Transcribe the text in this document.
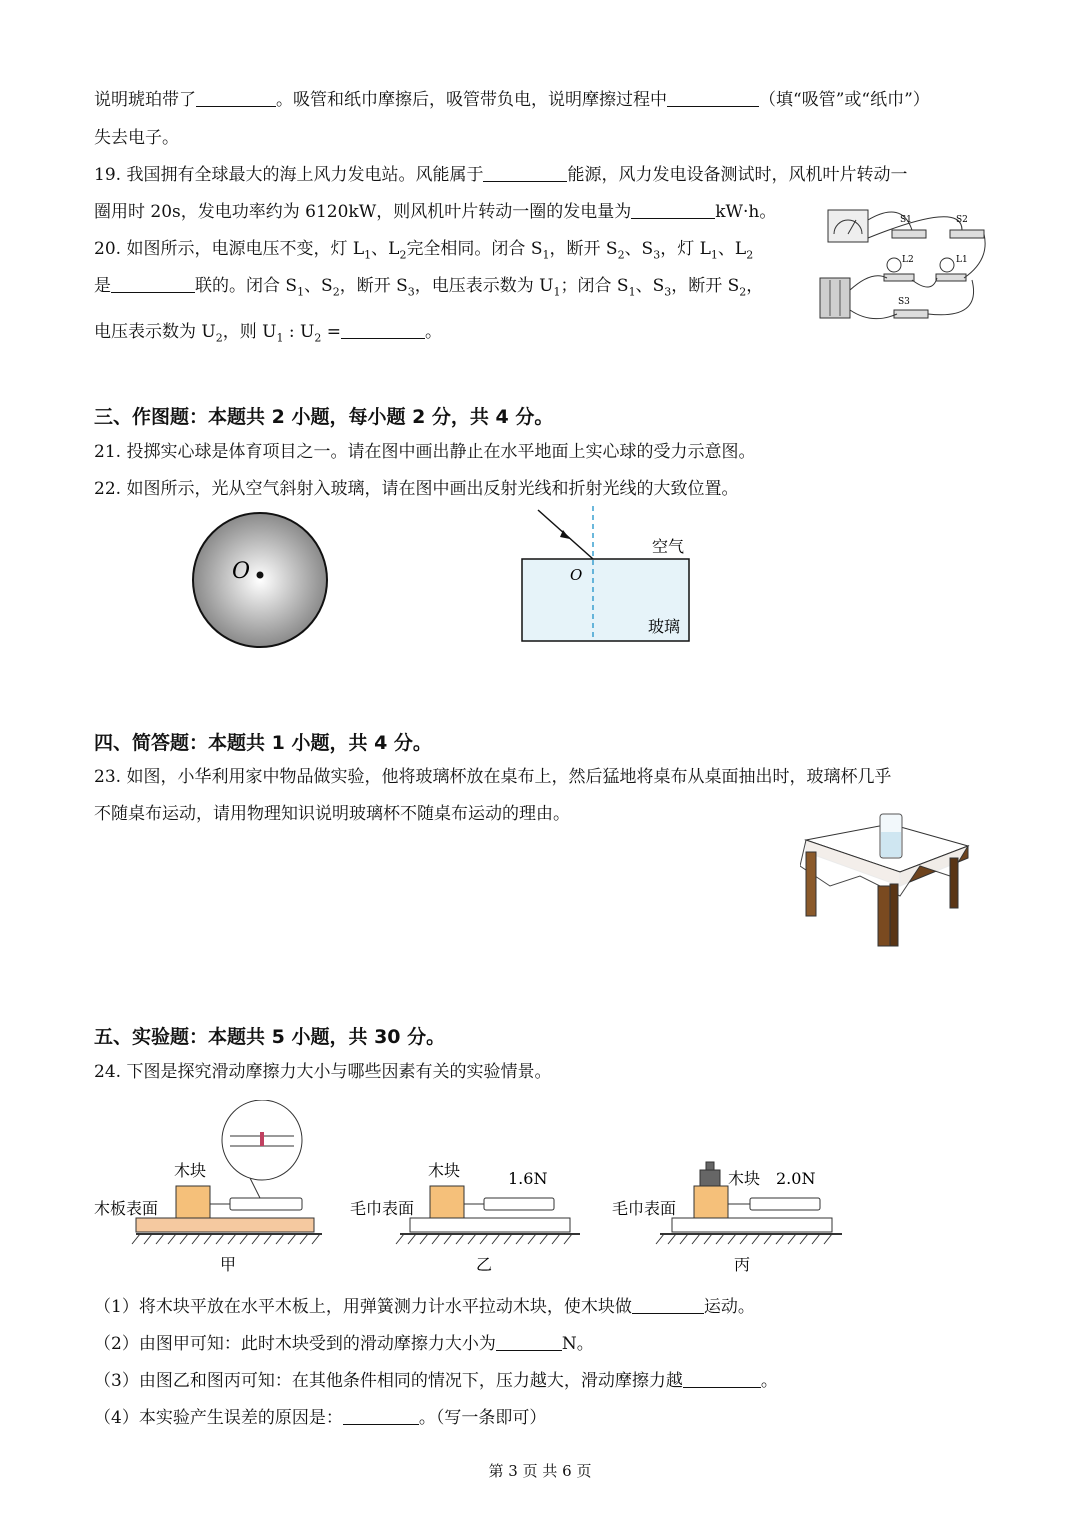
说明琥珀带了	。吸管和纸巾摩擦后，吸管带负电，说明摩擦过程中	（填“吸管”或“纸巾”）
失去电子。
19. 我国拥有全球最大的海上风力发电站。风能属于	能源，风力发电设备测试时，风机叶片转动一
圈用时 20s，发电功率约为 6120kW，则风机叶片转动一圈的发电量为	kW·h。
20. 如图所示，电源电压不变，灯 $L_1$、$L_2$完全相同。闭合 $S_1$，断开 $S_2$、$S_3$，灯 $L_1$、$L_2$
是	联的。闭合 $S_1$、$S_2$，断开 $S_3$，电压表示数为 $U_1$；闭合 $S_1$、$S_3$，断开 $S_2$，
电压表示数为 $U_2$，则 $U_1$ : $U_2$ =	。
S1	S2
L2	L1
S3
三、作图题：本题共 2 小题，每小题 2 分，共 4 分。
21. 投掷实心球是体育项目之一。请在图中画出静止在水平地面上实心球的受力示意图。
22. 如图所示，光从空气斜射入玻璃，请在图中画出反射光线和折射光线的大致位置。
O	O
空气
玻璃
四、简答题：本题共 1 小题，共 4 分。
23. 如图，小华利用家中物品做实验，他将玻璃杯放在桌布上，然后猛地将桌布从桌面抽出时，玻璃杯几乎
不随桌布运动，请用物理知识说明玻璃杯不随桌布运动的理由。
五、实验题：本题共 5 小题，共 30 分。
24. 下图是探究滑动摩擦力大小与哪些因素有关的实验情景。
木块
木板表面
甲
木块	1.6N
毛巾表面
乙
木块 2.0N
毛巾表面
丙
（1）将木块平放在水平木板上，用弹簧测力计水平拉动木块，使木块做	运动。
（2）由图甲可知：此时木块受到的滑动摩擦力大小为	N。
（3）由图乙和图丙可知：在其他条件相同的情况下，压力越大，滑动摩擦力越	。
（4）本实验产生误差的原因是：	。（写一条即可）
第 3 页 共 6 页
